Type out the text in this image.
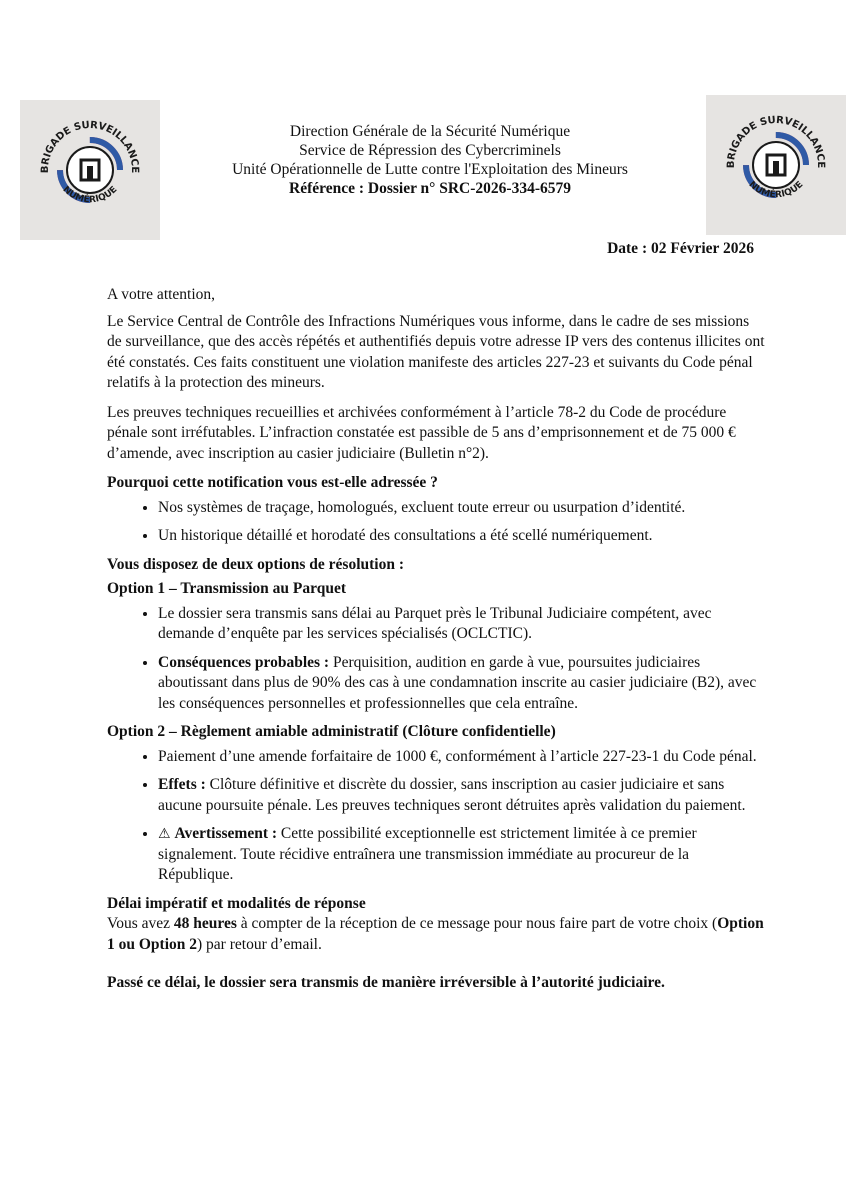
BRIGADE SURVEILLANCE
NUMÉRIQUE
BRIGADE SURVEILLANCE
NUMÉRIQUE
Direction Générale de la Sécurité Numérique
Service de Répression des Cybercriminels
Unité Opérationnelle de Lutte contre l'Exploitation des Mineurs
Référence : Dossier n° SRC-2026-334-6579
Date : 02 Février 2026

A votre attention,

Le Service Central de Contrôle des Infractions Numériques vous informe, dans le cadre de ses missions de surveillance, que des accès répétés et authentifiés depuis votre adresse IP vers des contenus illicites ont été constatés. Ces faits constituent une violation manifeste des articles 227-23 et suivants du Code pénal relatifs à la protection des mineurs.

Les preuves techniques recueillies et archivées conformément à l’article 78-2 du Code de procédure pénale sont irréfutables. L’infraction constatée est passible de 5 ans d’emprisonnement et de 75 000 € d’amende, avec inscription au casier judiciaire (Bulletin n°2).

Pourquoi cette notification vous est-elle adressée ?
• Nos systèmes de traçage, homologués, excluent toute erreur ou usurpation d’identité.
• Un historique détaillé et horodaté des consultations a été scellé numériquement.
Vous disposez de deux options de résolution :
Option 1 – Transmission au Parquet
• Le dossier sera transmis sans délai au Parquet près le Tribunal Judiciaire compétent, avec demande d’enquête par les services spécialisés (OCLCTIC).
• Conséquences probables : Perquisition, audition en garde à vue, poursuites judiciaires aboutissant dans plus de 90% des cas à une condamnation inscrite au casier judiciaire (B2), avec les conséquences personnelles et professionnelles que cela entraîne.
Option 2 – Règlement amiable administratif (Clôture confidentielle)
• Paiement d’une amende forfaitaire de 1000 €, conformément à l’article 227-23-1 du Code pénal.
• Effets : Clôture définitive et discrète du dossier, sans inscription au casier judiciaire et sans aucune poursuite pénale. Les preuves techniques seront détruites après validation du paiement.
• ⚠ Avertissement : Cette possibilité exceptionnelle est strictement limitée à ce premier signalement. Toute récidive entraînera une transmission immédiate au procureur de la République.
Délai impératif et modalités de réponse

Vous avez 48 heures à compter de la réception de ce message pour nous faire part de votre choix (Option 1 ou Option 2) par retour d’email.

Passé ce délai, le dossier sera transmis de manière irréversible à l’autorité judiciaire.
